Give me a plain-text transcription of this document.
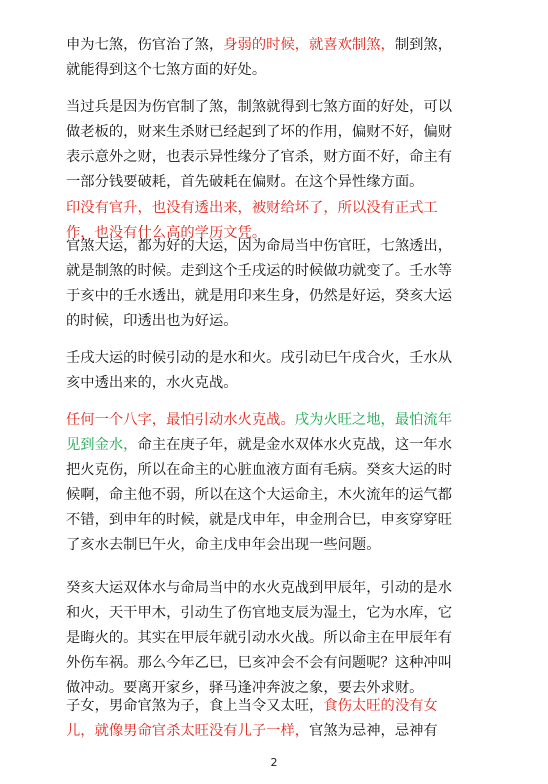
申为七煞，伤官治了煞，身弱的时候，就喜欢制煞，制到煞，
就能得到这个七煞方面的好处。
当过兵是因为伤官制了煞，制煞就得到七煞方面的好处，可以
做老板的，财来生杀财已经起到了坏的作用，偏财不好，偏财
表示意外之财，也表示异性缘分了官杀，财方面不好，命主有
一部分钱要破耗，首先破耗在偏财。在这个异性缘方面。
印没有官升，也没有透出来，被财给坏了，所以没有正式工
作，也没有什么高的学历文凭。
官煞大运，都为好的大运，因为命局当中伤官旺，七煞透出，
就是制煞的时候。走到这个壬戌运的时候做功就变了。壬水等
于亥中的壬水透出，就是用印来生身，仍然是好运，癸亥大运
的时候，印透出也为好运。
壬戌大运的时候引动的是水和火。戌引动巳午戌合火，壬水从
亥中透出来的，水火克战。
任何一个八字，最怕引动水火克战。戌为火旺之地，最怕流年
见到金水，命主在庚子年，就是金水双体水火克战，这一年水
把火克伤，所以在命主的心脏血液方面有毛病。癸亥大运的时
候啊，命主他不弱，所以在这个大运命主，木火流年的运气都
不错，到申年的时候，就是戊申年，申金刑合巳，申亥穿穿旺
了亥水去制巳午火，命主戊申年会出现一些问题。
癸亥大运双体水与命局当中的水火克战到甲辰年，引动的是水
和火，天干甲木，引动生了伤官地支辰为湿土，它为水库，它
是晦火的。其实在甲辰年就引动水火战。所以命主在甲辰年有
外伤车祸。那么今年乙巳，巳亥冲会不会有问题呢？这种冲叫
做冲动。要离开家乡，驿马逢冲奔波之象，要去外求财。
子女，男命官煞为子，食上当令又太旺，食伤太旺的没有女
儿，就像男命官杀太旺没有儿子一样，官煞为忌神，忌神有
2
